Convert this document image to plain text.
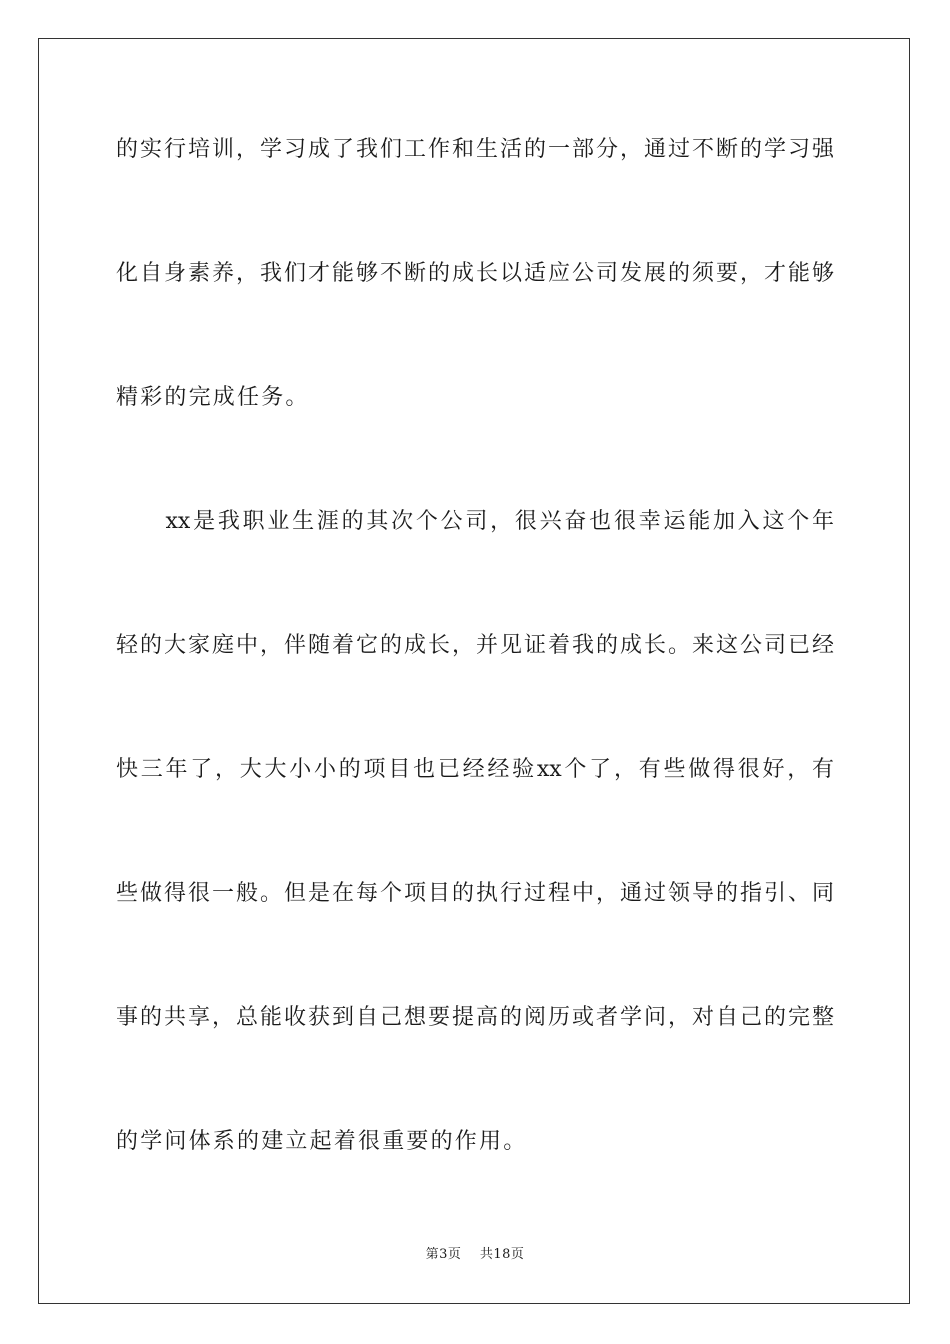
的实行培训，学习成了我们工作和生活的一部分，通过不断的学习强
化自身素养，我们才能够不断的成长以适应公司发展的须要，才能够
精彩的完成任务。
　　xx是我职业生涯的其次个公司，很兴奋也很幸运能加入这个年
轻的大家庭中，伴随着它的成长，并见证着我的成长。来这公司已经
快三年了，大大小小的项目也已经经验xx个了，有些做得很好，有
些做得很一般。但是在每个项目的执行过程中，通过领导的指引、同
事的共享，总能收获到自己想要提高的阅历或者学问，对自己的完整
的学问体系的建立起着很重要的作用。
第3页 共18页
